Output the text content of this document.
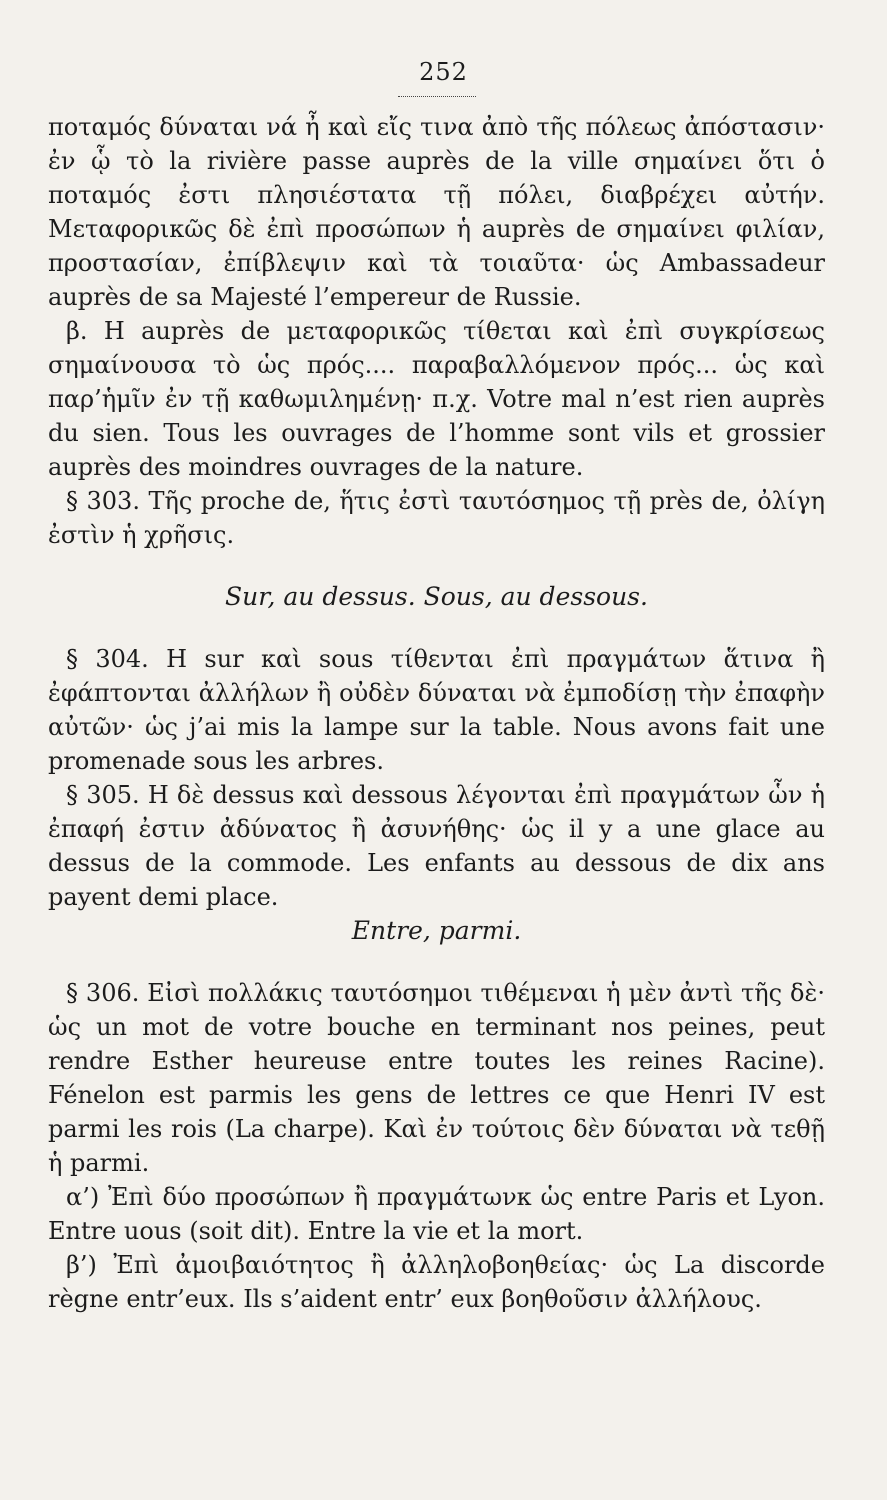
252

ποταμός δύναται νά ἦ καὶ εἴς τινα ἀπὸ τῆς πόλεως ἀπόστασιν· ἐν ᾧ τὸ la rivière passe auprès de la ville σημαίνει ὅτι ὁ ποταμός ἐστι πλησιέστατα τῇ πόλει, διαβρέχει αὐτήν. Μεταφορικῶς δὲ ἐπὶ προσώπων ἡ auprès de σημαίνει φιλίαν, προστασίαν, ἐπίβλεψιν καὶ τὰ τοιαῦτα· ὡς Ambassadeur auprès de sa Majesté l’empereur de Russie.

β. Η auprès de μεταφορικῶς τίθεται καὶ ἐπὶ συγκρίσεως σημαίνουσα τὸ ὡς πρός.... παραβαλλόμενον πρός... ὡς καὶ παρ’ἡμῖν ἐν τῇ καθωμιλημένῃ· π.χ. Votre mal n’est rien auprès du sien. Tous les ouvrages de l’homme sont vils et grossier auprès des moindres ouvrages de la nature.

§ 303. Τῆς proche de, ἥτις ἐστὶ ταυτόσημος τῇ près de, ὀλίγη ἐστὶν ἡ χρῆσις.

Sur, au dessus. Sous, au dessous.

§ 304. Η sur καὶ sous τίθενται ἐπὶ πραγμάτων ἅτινα ἢ ἐφάπτονται ἀλλήλων ἢ οὐδὲν δύναται νὰ ἐμποδίσῃ τὴν ἐπαφὴν αὐτῶν· ὡς j’ai mis la lampe sur la table. Nous avons fait une promenade sous les arbres.

§ 305. Η δὲ dessus καὶ dessous λέγονται ἐπὶ πραγμάτων ὧν ἡ ἐπαφή ἐστιν ἀδύνατος ἢ ἀσυνήθης· ὡς il y a une glace au dessus de la commode. Les enfants au dessous de dix ans payent demi place.

Entre, parmi.

§ 306. Εἰσὶ πολλάκις ταυτόσημοι τιθέμεναι ἡ μὲν ἀντὶ τῆς δὲ· ὡς un mot de votre bouche en terminant nos peines, peut rendre Esther heureuse entre toutes les reines Racine). Fénelon est parmis les gens de lettres ce que Henri IV est parmi les rois (La charpe). Καὶ ἐν τούτοις δὲν δύναται νὰ τεθῇ ἡ parmi.

α’) Ἐπὶ δύο προσώπων ἢ πραγμάτωνκ ὡς entre Paris et Lyon. Entre uous (soit dit). Entre la vie et la mort.

β’) Ἐπὶ ἀμοιβαιότητος ἢ ἀλληλοβοηθείας· ὡς La discorde règne entr’eux. Ils s’aident entr’ eux βοηθοῦσιν ἀλλήλους.
